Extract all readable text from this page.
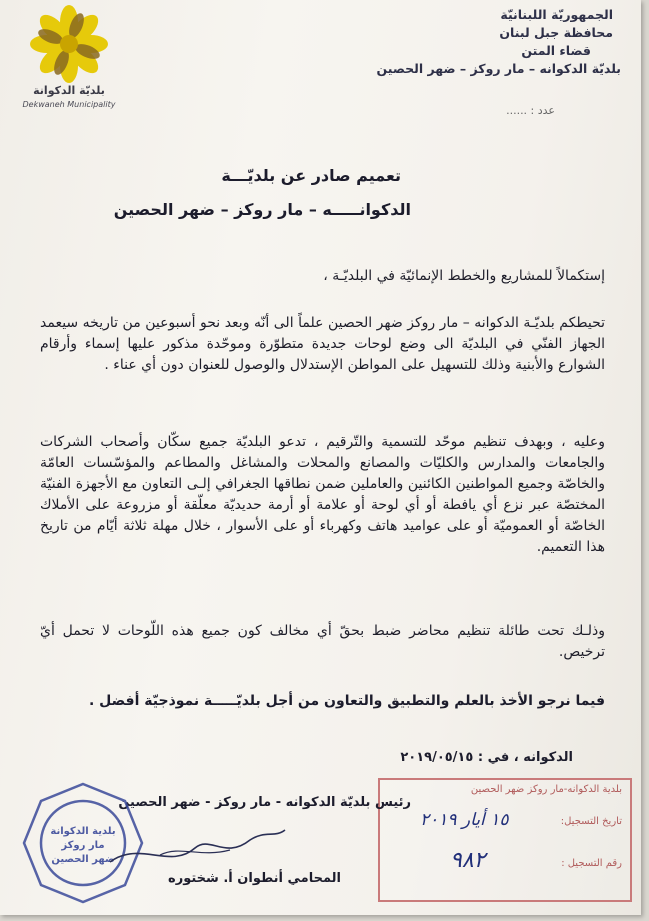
بلديّة الدكوانة
Dekwaneh Municipality
الجمهوريّة اللبنانيّة
محافظة جبل لبنان
قضاء المتن
بلديّة الدكوانه – مار روكز – ضهر الحصين
عدد : ......
تعميم صادر عن بلديّـــة
الدكوانـــــه – مار روكز – ضهر الحصين
إستكمالاً للمشاريع والخطط الإنمائيّة في البلديّـة ،
تحيطكم بلديّـة الدكوانه – مار روكز ضهر الحصين علماً الى أنّه وبعد نحو أسبوعين من تاريخه سيعمد الجهاز الفنّي في البلديّة الى وضع لوحات جديدة متطوّرة وموحّدة مذكور عليها إسماء وأرقام الشوارع والأبنية وذلك للتسهيل على المواطن الإستدلال والوصول للعنوان دون أي عناء .
وعليه ، وبهدف تنظيم موحّد للتسمية والتّرقيم ، تدعو البلديّة جميع سكّان وأصحاب الشركات والجامعات والمدارس والكليّات والمصانع والمحلات والمشاغل والمطاعم والمؤسّسات العامّة والخاصّة وجميع المواطنين الكائنين والعاملين ضمن نطاقها الجغرافي إلـى التعاون مع الأجهزة الفنيّة المختصّة عبر نزع أي يافطة أو أي لوحة أو علامة أو أرمة حديديّة معلّقة أو مزروعة على الأملاك الخاصّة أو العموميّة أو على عواميد هاتف وكهرباء أو على الأسوار ، خلال مهلة ثلاثة أيّام من تاريخ هذا التعميم.
وذلـك تحت طائلة تنظيم محاضر ضبط بحقّ أي مخالف كون جميع هذه اللّوحات لا تحمل أيّ ترخيص.
فيما نرجو الأخذ بالعلم والتطبيق والتعاون من أجل بلديّـــــة نموذجيّة أفضل .
الدكوانه ، في : ٢٠١٩/٠٥/١٥
بلدية الدكوانه-مار روكز ضهر الحصين
تاريخ التسجيل:
١٥ أيار ٢٠١٩
رقم التسجيل :
٩٨٢
رئيس بلديّة الدكوانه - مار روكز - ضهر الحصين
بلدية الدكوانة
مار روكز
ضهر الحصين
المحامي أنطوان أ. شختوره
